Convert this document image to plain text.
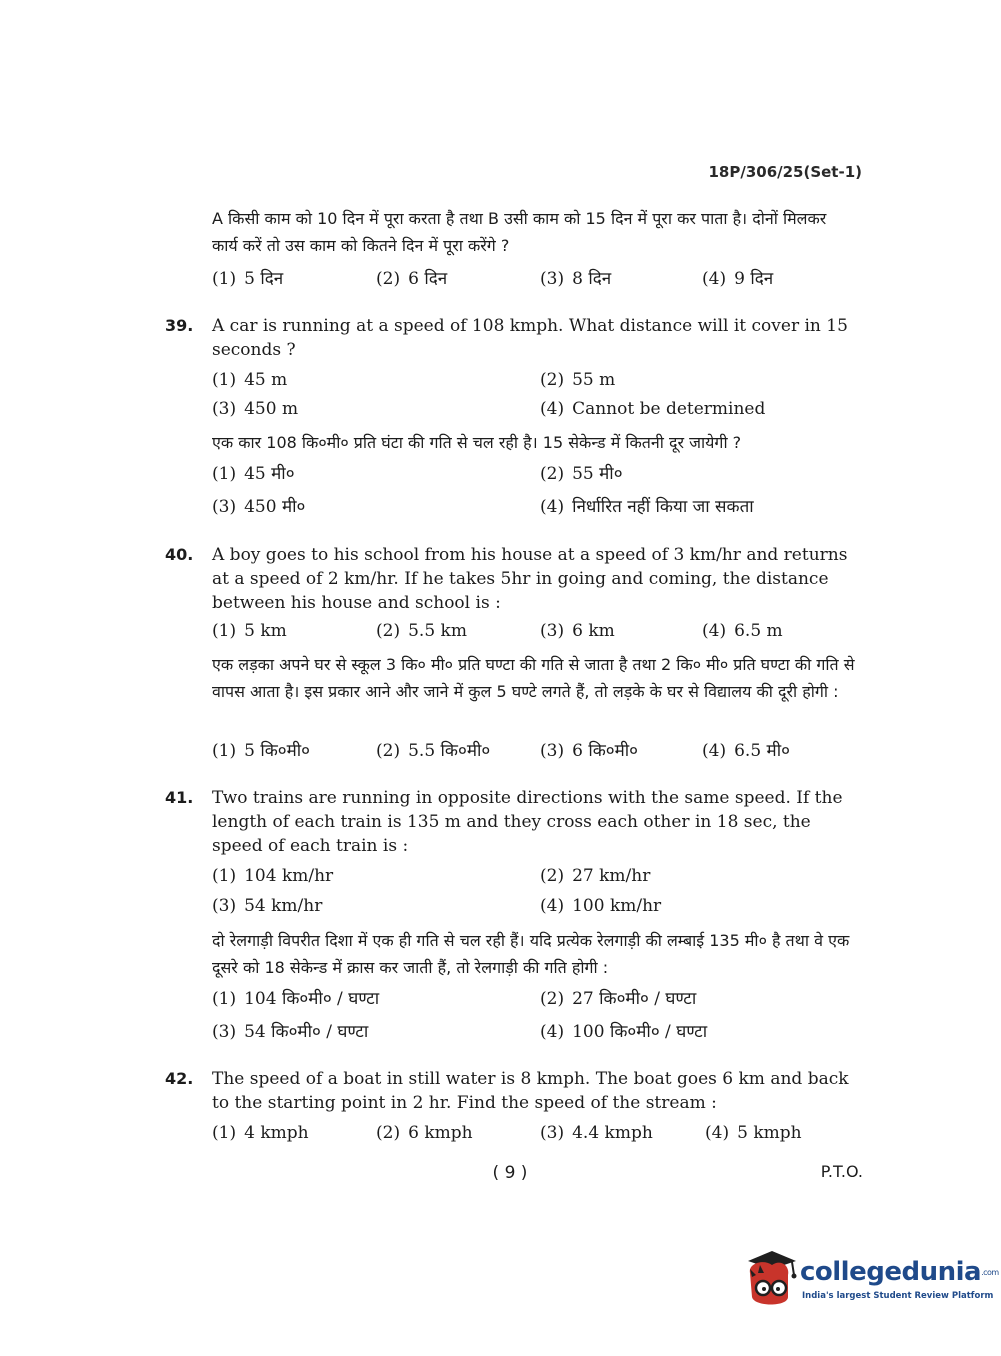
18P/306/25(Set-1)
A किसी काम को 10 दिन में पूरा करता है तथा B उसी काम को 15 दिन में पूरा कर पाता है। दोनों मिलकर कार्य करें तो उस काम को कितने दिन में पूरा करेंगे ?
(1) 5 दिन	(2) 6 दिन	(3) 8 दिन	(4) 9 दिन
39. A car is running at a speed of 108 kmph. What distance will it cover in 15 seconds ?
(1) 45 m	(2) 55 m
(3) 450 m	(4) Cannot be determined
एक कार 108 कि०मी० प्रति घंटा की गति से चल रही है। 15 सेकेन्ड में कितनी दूर जायेगी ?
(1) 45 मी०	(2) 55 मी०
(3) 450 मी०	(4) निर्धारित नहीं किया जा सकता
40. A boy goes to his school from his house at a speed of 3 km/hr and returns at a speed of 2 km/hr. If he takes 5hr in going and coming, the distance between his house and school is :
(1) 5 km	(2) 5.5 km	(3) 6 km	(4) 6.5 m
एक लड़का अपने घर से स्कूल 3 कि० मी० प्रति घण्टा की गति से जाता है तथा 2 कि० मी० प्रति घण्टा की गति से वापस आता है। इस प्रकार आने और जाने में कुल 5 घण्टे लगते हैं, तो लड़के के घर से विद्यालय की दूरी होगी :
(1) 5 कि०मी०	(2) 5.5 कि०मी०	(3) 6 कि०मी०	(4) 6.5 मी०
41. Two trains are running in opposite directions with the same speed. If the length of each train is 135 m and they cross each other in 18 sec, the speed of each train is :
(1) 104 km/hr	(2) 27 km/hr
(3) 54 km/hr	(4) 100 km/hr
दो रेलगाड़ी विपरीत दिशा में एक ही गति से चल रही हैं। यदि प्रत्येक रेलगाड़ी की लम्बाई 135 मी० है तथा वे एक दूसरे को 18 सेकेन्ड में क्रास कर जाती हैं, तो रेलगाड़ी की गति होगी :
(1) 104 कि०मी० / घण्टा	(2) 27 कि०मी० / घण्टा
(3) 54 कि०मी० / घण्टा	(4) 100 कि०मी० / घण्टा
42. The speed of a boat in still water is 8 kmph. The boat goes 6 km and back to the starting point in 2 hr. Find the speed of the stream :
(1) 4 kmph	(2) 6 kmph	(3) 4.4 kmph	(4) 5 kmph
( 9 )	P.T.O.
collegedunia.com
India's largest Student Review Platform
